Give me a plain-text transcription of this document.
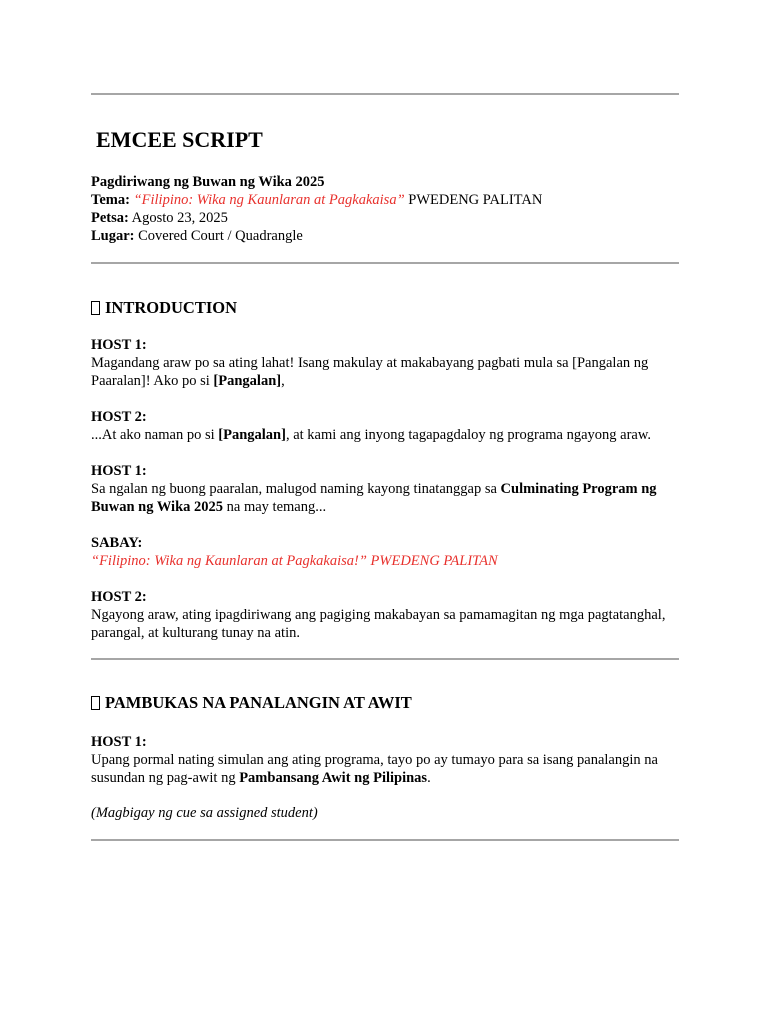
EMCEE SCRIPT
Pagdiriwang ng Buwan ng Wika 2025
Tema: “Filipino: Wika ng Kaunlaran at Pagkakaisa” PWEDENG PALITAN
Petsa: Agosto 23, 2025
Lugar: Covered Court / Quadrangle
INTRODUCTION
HOST 1:

Magandang araw po sa ating lahat! Isang makulay at makabayang pagbati mula sa [Pangalan ng Paaralan]! Ako po si [Pangalan],

HOST 2:

...At ako naman po si [Pangalan], at kami ang inyong tagapagdaloy ng programa ngayong araw.

HOST 1:

Sa ngalan ng buong paaralan, malugod naming kayong tinatanggap sa Culminating Program ng Buwan ng Wika 2025 na may temang...

SABAY:

“Filipino: Wika ng Kaunlaran at Pagkakaisa!” PWEDENG PALITAN

HOST 2:

Ngayong araw, ating ipagdiriwang ang pagiging makabayan sa pamamagitan ng mga pagtatanghal, parangal, at kulturang tunay na atin.

PAMBUKAS NA PANALANGIN AT AWIT
HOST 1:

Upang pormal nating simulan ang ating programa, tayo po ay tumayo para sa isang panalangin na susundan ng pag-awit ng Pambansang Awit ng Pilipinas.

(Magbigay ng cue sa assigned student)
